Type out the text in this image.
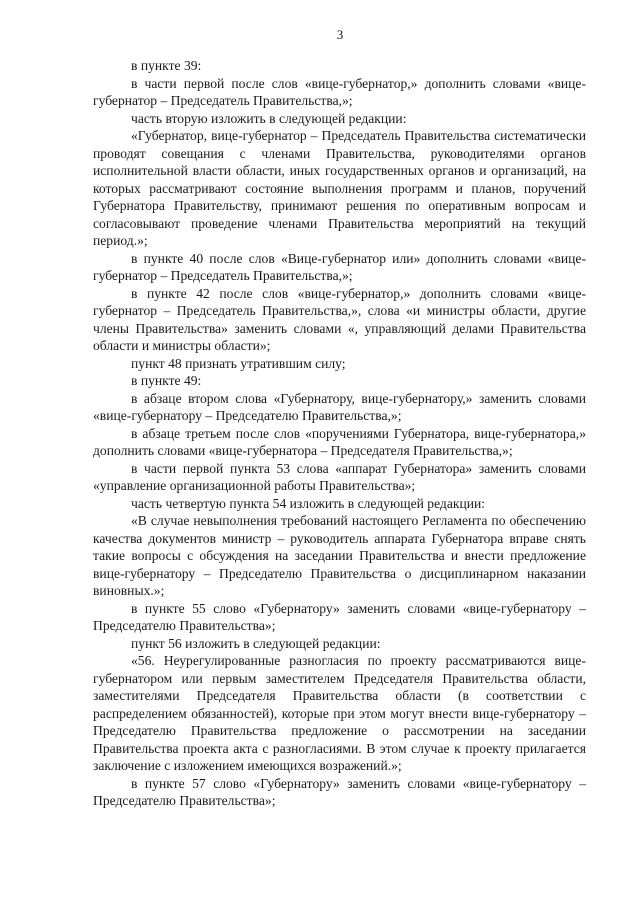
3

в пункте 39:

в части первой после слов «вице-губернатор,» дополнить словами «вице-губернатор – Председатель Правительства,»;

часть вторую изложить в следующей редакции:

«Губернатор, вице-губернатор – Председатель Правительства систематически проводят совещания с членами Правительства, руководителями органов исполнительной власти области, иных государственных органов и организаций, на которых рассматривают состояние выполнения программ и планов, поручений Губернатора Правительству, принимают решения по оперативным вопросам и согласовывают проведение членами Правительства мероприятий на текущий период.»;

в пункте 40 после слов «Вице-губернатор или» дополнить словами «вице-губернатор – Председатель Правительства,»;

в пункте 42 после слов «вице-губернатор,» дополнить словами «вице-губернатор – Председатель Правительства,», слова «и министры области, другие члены Правительства» заменить словами «, управляющий делами Правительства области и министры области»;

пункт 48 признать утратившим силу;

в пункте 49:

в абзаце втором слова «Губернатору, вице-губернатору,» заменить словами «вице-губернатору – Председателю Правительства,»;

в абзаце третьем после слов «поручениями Губернатора, вице-губернатора,» дополнить словами «вице-губернатора – Председателя Правительства,»;

в части первой пункта 53 слова «аппарат Губернатора» заменить словами «управление организационной работы Правительства»;

часть четвертую пункта 54 изложить в следующей редакции:

«В случае невыполнения требований настоящего Регламента по обеспечению качества документов министр – руководитель аппарата Губернатора вправе снять такие вопросы с обсуждения на заседании Правительства и внести предложение вице-губернатору – Председателю Правительства о дисциплинарном наказании виновных.»;

в пункте 55 слово «Губернатору» заменить словами «вице-губернатору – Председателю Правительства»;

пункт 56 изложить в следующей редакции:

«56. Неурегулированные разногласия по проекту рассматриваются вице-губернатором или первым заместителем Председателя Правительства области, заместителями Председателя Правительства области (в соответствии с распределением обязанностей), которые при этом могут внести вице-губернатору – Председателю Правительства предложение о рассмотрении на заседании Правительства проекта акта с разногласиями. В этом случае к проекту прилагается заключение с изложением имеющихся возражений.»;

в пункте 57 слово «Губернатору» заменить словами «вице-губернатору – Председателю Правительства»;
